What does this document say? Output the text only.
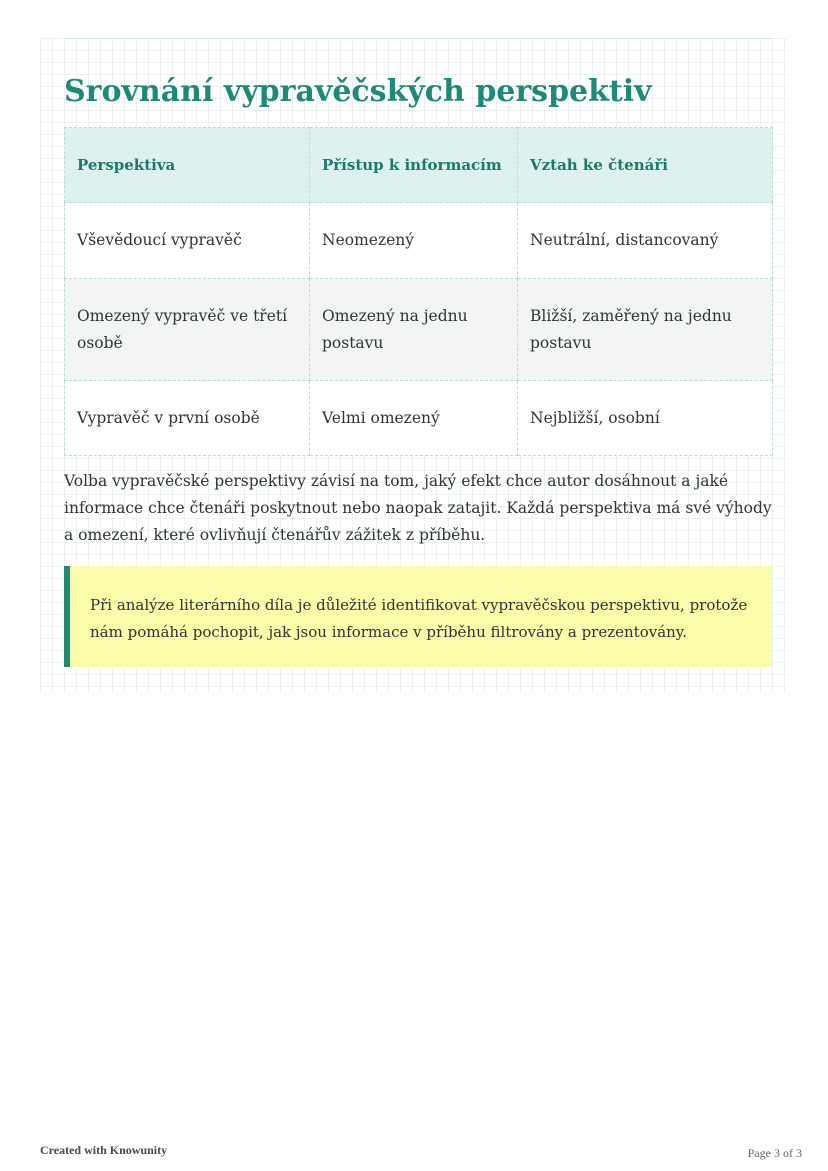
Srovnání vypravěčských perspektiv
Perspektiva	Přístup k informacím	Vztah ke čtenáři
Vševědoucí vypravěč	Neomezený	Neutrální, distancovaný
Omezený vypravěč ve třetí osobě	Omezený na jednu postavu	Bližší, zaměřený na jednu postavu
Vypravěč v první osobě	Velmi omezený	Nejbližší, osobní

Volba vypravěčské perspektivy závisí na tom, jaký efekt chce autor dosáhnout a jaké informace chce čtenáři poskytnout nebo naopak zatajit. Každá perspektiva má své výhody a omezení, které ovlivňují čtenářův zážitek z příběhu.

Při analýze literárního díla je důležité identifikovat vypravěčskou perspektivu, protože nám pomáhá pochopit, jak jsou informace v příběhu filtrovány a prezentovány.

Created with Knowunity	Page 3 of 3
